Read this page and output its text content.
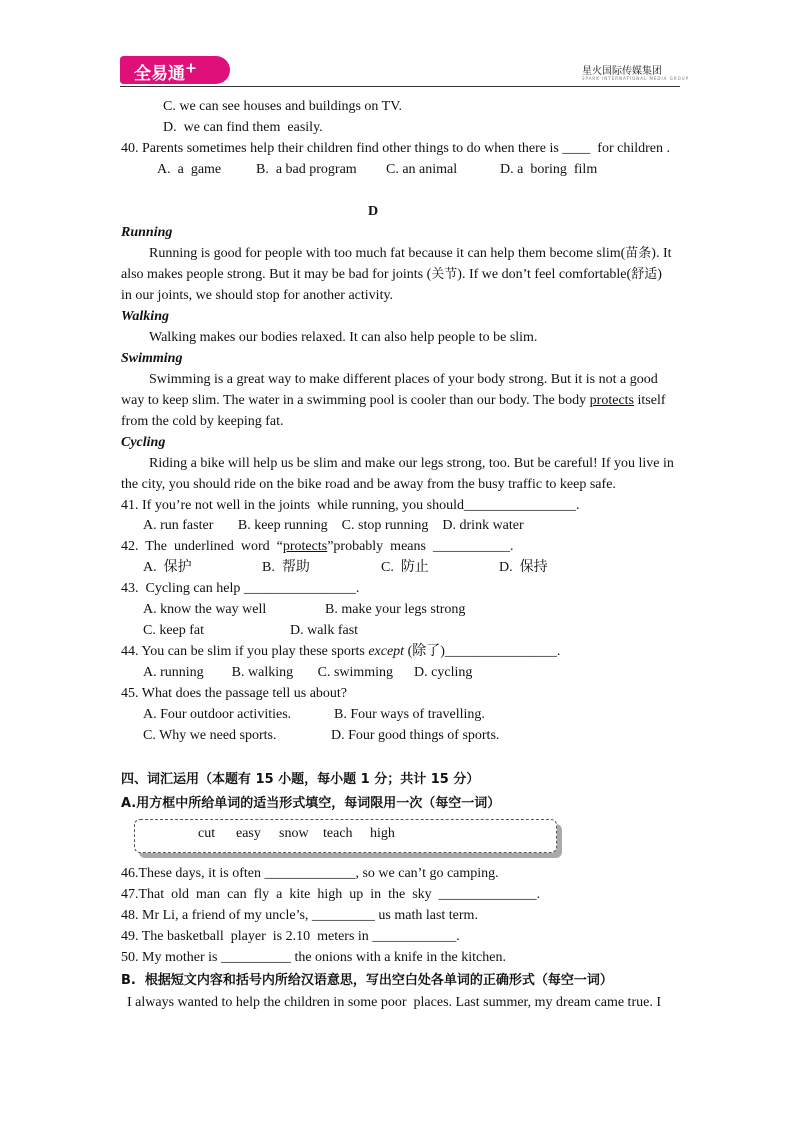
全易通+	星火国际传媒集团
SPARK INTERNATIONAL MEDIA GROUP
C. we can see houses and buildings on TV.
D.  we can find them  easily.
40. Parents sometimes help their children find other things to do when there is ____  for children .
A.  a  game B.  a bad program C. an animal	D. a  boring  film
D
Running
Running is good for people with too much fat because it can help them become slim(苗条). It
also makes people strong. But it may be bad for joints (关节). If we don’t feel comfortable(舒适)
in our joints, we should stop for another activity.
Walking
Walking makes our bodies relaxed. It can also help people to be slim.
Swimming
Swimming is a great way to make different places of your body strong. But it is not a good
way to keep slim. The water in a swimming pool is cooler than our body. The body protects itself
from the cold by keeping fat.
Cycling
Riding a bike will help us be slim and make our legs strong, too. But be careful! If you live in
the city, you should ride on the bike road and be away from the busy traffic to keep safe.
41. If you’re not well in the joints  while running, you should________________.
A. run faster       B. keep running    C. stop running    D. drink water
42.  The  underlined  word  “protects”probably  means  ___________.
A.  保护	B.  帮助	C.  防止	D.  保持
43.  Cycling can help ________________.
A. know the way well	B. make your legs strong
C. keep fat	D. walk fast
44. You can be slim if you play these sports except (除了)________________.
A. running        B. walking       C. swimming      D. cycling
45. What does the passage tell us about?
A. Four outdoor activities.	B. Four ways of travelling.
C. Why we need sports.	D. Four good things of sports.
四、词汇运用（本题有 15 小题，每小题 1 分；共计 15 分）
A.用方框中所给单词的适当形式填空，每词限用一次（每空一词）
cut easy snow teach high
46.These days, it is often _____________, so we can’t go camping.
47.That  old  man  can  fly  a  kite  high  up  in  the  sky  ______________.
48. Mr Li, a friend of my uncle’s, _________ us math last term.
49. The basketball  player  is 2.10  meters in ____________.
50. My mother is __________ the onions with a knife in the kitchen.
B.  根据短文内容和括号内所给汉语意思，写出空白处各单词的正确形式（每空一词）
I always wanted to help the children in some poor  places. Last summer, my dream came true. I
